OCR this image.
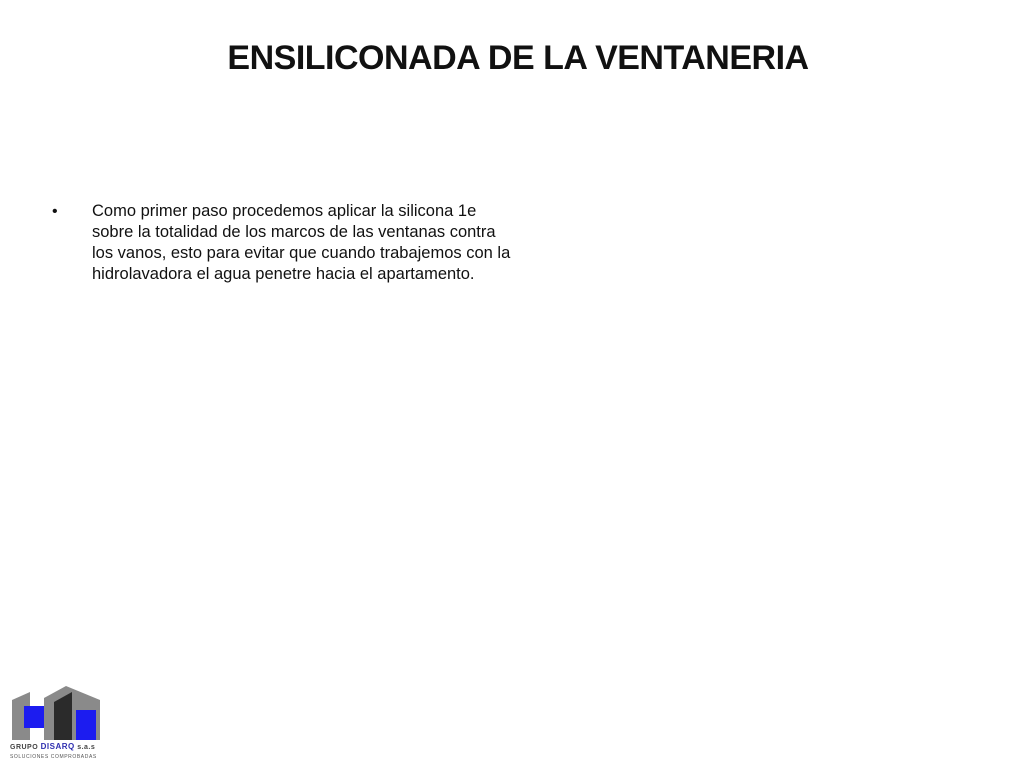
ENSILICONADA DE LA VENTANERIA
•	Como primer paso procedemos aplicar la silicona 1e sobre la totalidad de los marcos de las ventanas contra los vanos, esto para evitar que cuando trabajemos con la hidrolavadora el agua penetre hacia el apartamento.
GRUPO DISARQ s.a.s
SOLUCIONES COMPROBADAS
